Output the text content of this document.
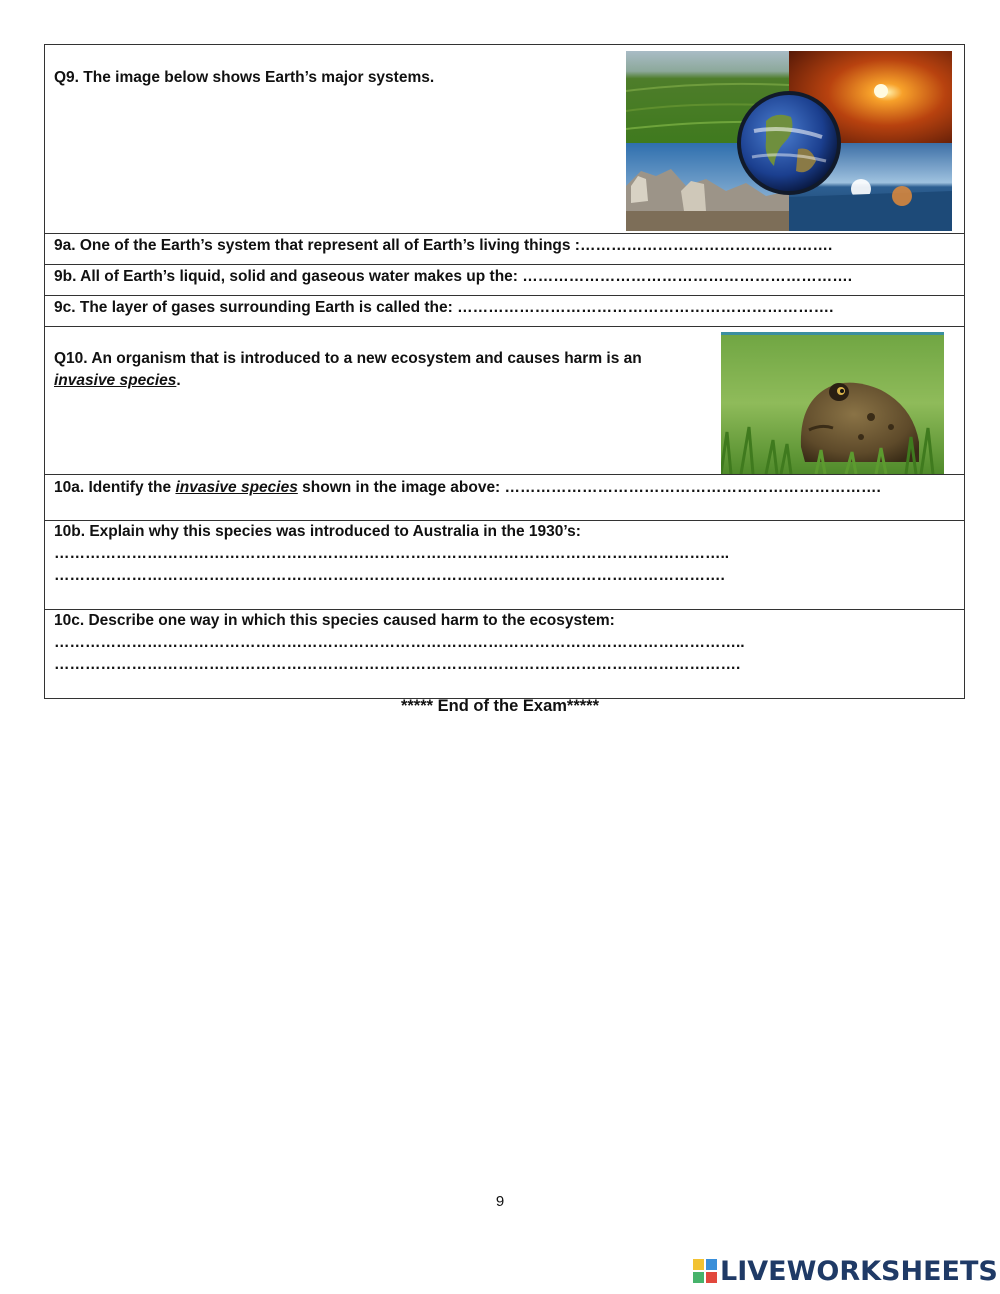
Q9. The image below shows Earth’s major systems.

9a. One of the Earth’s system that represent all of Earth’s living things :………………………………………….
9b. All of Earth’s liquid, solid and gaseous water makes up the: ……………………………………………………….
9c. The layer of gases surrounding Earth is called the: ……………………………………………………………….

Q10. An organism that is introduced to a new ecosystem and causes harm is an
invasive species.

10a. Identify the invasive species shown in the image above: ……………………………………………………………….

10b. Explain why this species was introduced to Australia in the 1930’s:
…………………………………………………………………………………………………………………..
………………………………………………………………………………………………………………….

10c. Describe one way in which this species caused harm to the ecosystem:
……………………………………………………………………………………………………………………..
…………………………………………………………………………………………………………………….
***** End of the Exam*****
9
LIVEWORKSHEETS
